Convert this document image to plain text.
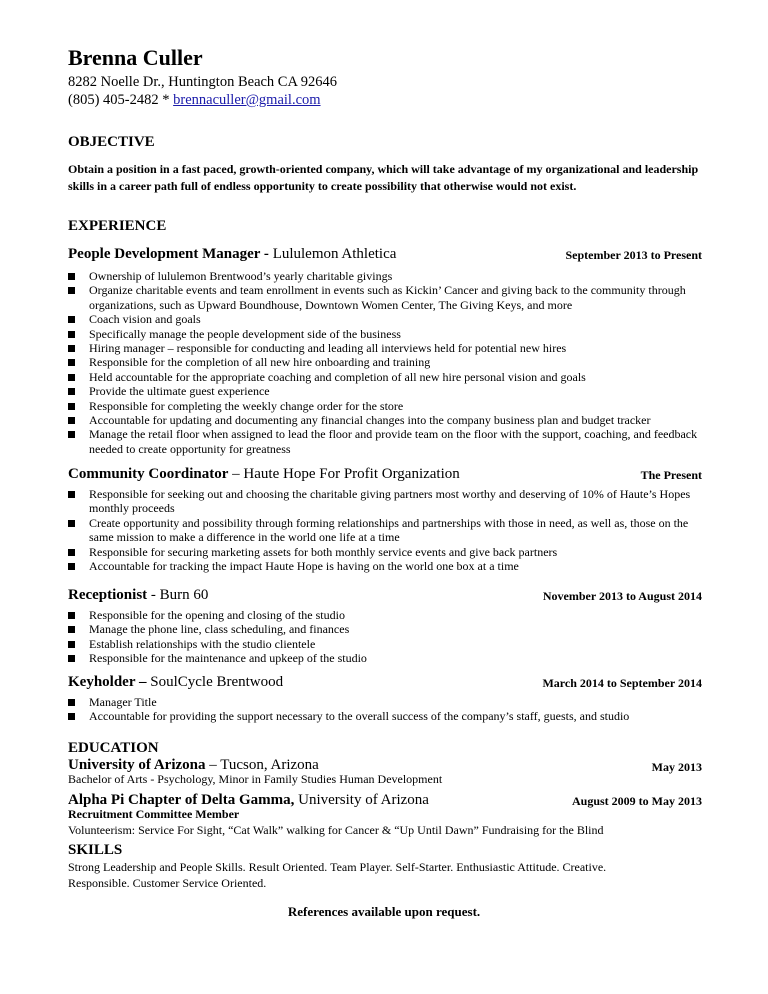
Brenna Culler
8282 Noelle Dr., Huntington Beach CA 92646
(805) 405-2482 * brennaculler@gmail.com
OBJECTIVE
Obtain a position in a fast paced, growth-oriented company, which will take advantage of my organizational and leadership skills in a career path full of endless opportunity to create possibility that otherwise would not exist.
EXPERIENCE
People Development Manager - Lululemon Athletica	September 2013 to Present
Ownership of lululemon Brentwood’s yearly charitable givings
Organize charitable events and team enrollment in events such as Kickin’ Cancer and giving back to the community through organizations, such as Upward Boundhouse, Downtown Women Center, The Giving Keys, and more
Coach vision and goals
Specifically manage the people development side of the business
Hiring manager – responsible for conducting and leading all interviews held for potential new hires
Responsible for the completion of all new hire onboarding and training
Held accountable for the appropriate coaching and completion of all new hire personal vision and goals
Provide the ultimate guest experience
Responsible for completing the weekly change order for the store
Accountable for updating and documenting any financial changes into the company business plan and budget tracker
Manage the retail floor when assigned to lead the floor and provide team on the floor with the support, coaching, and feedback needed to create opportunity for greatness
Community Coordinator – Haute Hope For Profit Organization	The Present
Responsible for seeking out and choosing the charitable giving partners most worthy and deserving of 10% of Haute’s Hopes monthly proceeds
Create opportunity and possibility through forming relationships and partnerships with those in need, as well as, those on the same mission to make a difference in the world one life at a time
Responsible for securing marketing assets for both monthly service events and give back partners
Accountable for tracking the impact Haute Hope is having on the world one box at a time
Receptionist - Burn 60	November 2013 to August 2014
Responsible for the opening and closing of the studio
Manage the phone line, class scheduling, and finances
Establish relationships with the studio clientele
Responsible for the maintenance and upkeep of the studio
Keyholder – SoulCycle Brentwood	March 2014 to September 2014
Manager Title
Accountable for providing the support necessary to the overall success of the company’s staff, guests, and studio
EDUCATION
University of Arizona – Tucson, Arizona	May 2013
Bachelor of Arts - Psychology, Minor in Family Studies Human Development
Alpha Pi Chapter of Delta Gamma, University of Arizona	August 2009 to May 2013
Recruitment Committee Member
Volunteerism: Service For Sight, “Cat Walk” walking for Cancer & “Up Until Dawn” Fundraising for the Blind
SKILLS
Strong Leadership and People Skills. Result Oriented. Team Player. Self-Starter. Enthusiastic Attitude. Creative.
Responsible. Customer Service Oriented.
References available upon request.
